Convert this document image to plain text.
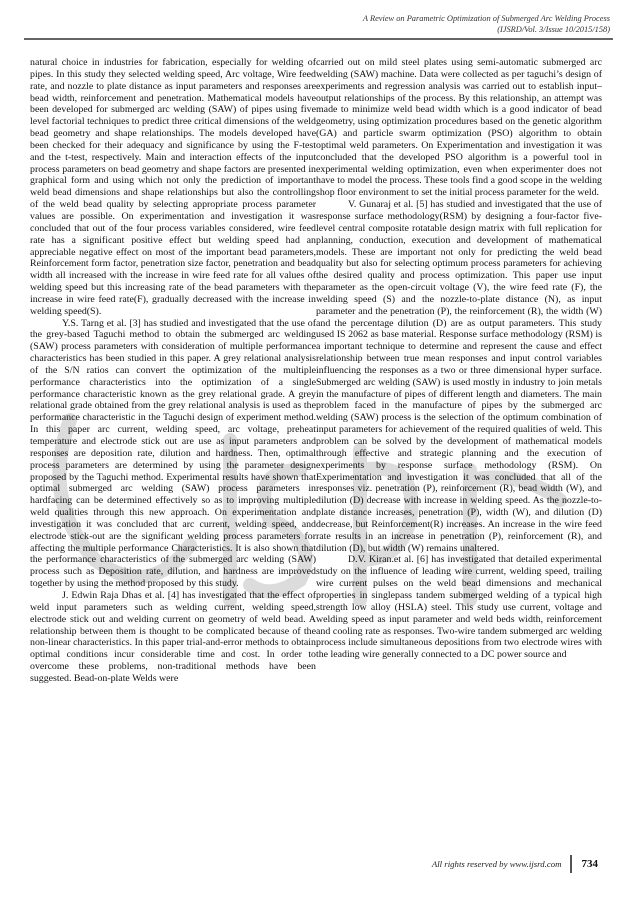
A Review on Parametric Optimization of Submerged Arc Welding Process
(IJSRD/Vol. 3/Issue 10/2015/158)

natural choice in industries for fabrication, especially for welding of pipes. In this study they selected welding speed, Arc voltage, Wire feed rate, and nozzle to plate distance as input parameters and responses are bead width, reinforcement and penetration. Mathematical models have been developed for submerged arc welding (SAW) of pipes using five level factorial techniques to predict three critical dimensions of the weld bead geometry and shape relationships. The models developed have been checked for their adequacy and significance by using the F-test and the t-test, respectively. Main and interaction effects of the input process parameters on bead geometry and shape factors are presented in graphical form and using which not only the prediction of important weld bead dimensions and shape relationships but also the controlling of the weld bead quality by selecting appropriate process parameter values are possible. On experimentation and investigation it was concluded that out of the four process variables considered, wire feed rate has a significant positive effect but welding speed had an appreciable negative effect on most of the important bead parameters, Reinforcement form factor, penetration size factor, penetration and bead width all increased with the increase in wire feed rate for all values of welding speed but this increasing rate of the bead parameters with the increase in wire feed rate(F), gradually decreased with the increase in welding speed(S).

Y.S. Tarng et al. [3] has studied and investigated that the use of the grey-based Taguchi method to obtain the submerged arc welding (SAW) process parameters with consideration of multiple performance characteristics has been studied in this paper. A grey relational analysis of the S/N ratios can convert the optimization of the multiple performance characteristics into the optimization of a single performance characteristic known as the grey relational grade. A grey relational grade obtained from the grey relational analysis is used as the performance characteristic in the Taguchi design of experiment method. In this paper arc current, welding speed, arc voltage, preheat temperature and electrode stick out are use as input parameters and responses are deposition rate, dilution and hardness. Then, optimal process parameters are determined by using the parameter design proposed by the Taguchi method. Experimental results have shown that optimal submerged arc welding (SAW) process parameters in hardfacing can be determined effectively so as to improving multiple weld qualities through this new approach. On experimentation and investigation it was concluded that arc current, welding speed, and electrode stick-out are the significant welding process parameters for affecting the multiple performance Characteristics. It is also shown that the performance characteristics of the submerged arc welding (SAW) process such as Deposition rate, dilution, and hardness are improved together by using the method proposed by this study.

J. Edwin Raja Dhas et al. [4] has investigated that the effect of weld input parameters such as welding current, welding speed, electrode stick out and welding current on geometry of weld bead. A relationship between them is thought to be complicated because of the non-linear characteristics. In this paper trial-and-error methods to obtain optimal conditions incur considerable time and cost. In order to overcome these problems, non-traditional methods have been suggested. Bead-on-plate Welds were

carried out on mild steel plates using semi-automatic submerged arc welding (SAW) machine. Data were collected as per taguchi’s design of experiments and regression analysis was carried out to establish input–output relationships of the process. By this relationship, an attempt was made to minimize weld bead width which is a good indicator of bead geometry, using optimization procedures based on the genetic algorithm (GA) and particle swarm optimization (PSO) algorithm to obtain optimal weld parameters. On Experimentation and investigation it was concluded that the developed PSO algorithm is a powerful tool in experimental welding optimization, even when experimenter does not have to model the process. These tools find a good scope in the welding shop floor environment to set the initial process parameter for the weld.

V. Gunaraj et al. [5] has studied and investigated that the use of response surface methodology(RSM) by designing a four-factor five-level central composite rotatable design matrix with full replication for planning, conduction, execution and development of mathematical models. These are important not only for predicting the weld bead quality but also for selecting optimum process parameters for achieving the desired quality and process optimization. This paper use input parameter as the open-circuit voltage (V), the wire feed rate (F), the welding speed (S) and the nozzle-to-plate distance (N), as input parameter and the penetration (P), the reinforcement (R), the width (W) and the percentage dilution (D) are as output parameters. This study used IS 2062 as base material. Response surface methodology (RSM) is a important technique to determine and represent the cause and effect relationship between true mean responses and input control variables influencing the responses as a two or three dimensional hyper surface. Submerged arc welding (SAW) is used mostly in industry to join metals in the manufacture of pipes of different length and diameters. The main problem faced in the manufacture of pipes by the submerged arc welding (SAW) process is the selection of the optimum combination of input parameters for achievement of the required qualities of weld. This problem can be solved by the development of mathematical models through effective and strategic planning and the execution of experiments by response surface methodology (RSM). On Experimentation and investigation it was concluded that all of the responses viz. penetration (P), reinforcement (R), bead width (W), and dilution (D) decrease with increase in welding speed. As the nozzle-to-plate distance increases, penetration (P), width (W), and dilution (D) decrease, but Reinforcement(R) increases. An increase in the wire feed rate results in an increase in penetration (P), reinforcement (R), and dilution (D), but width (W) remains unaltered.

D.V. Kiran.et al. [6] has investigated that detailed experimental study on the influence of leading wire current, welding speed, trailing wire current pulses on the weld bead dimensions and mechanical properties in singlepass tandem submerged welding of a typical high strength low alloy (HSLA) steel. This study use current, voltage and welding speed as input parameter and weld beds width, reinforcement and cooling rate as responses. Two-wire tandem submerged arc welding process include simultaneous depositions from two electrode wires with the leading wire generally connected to a DC power source and

All rights reserved by www.ijsrd.com 734
